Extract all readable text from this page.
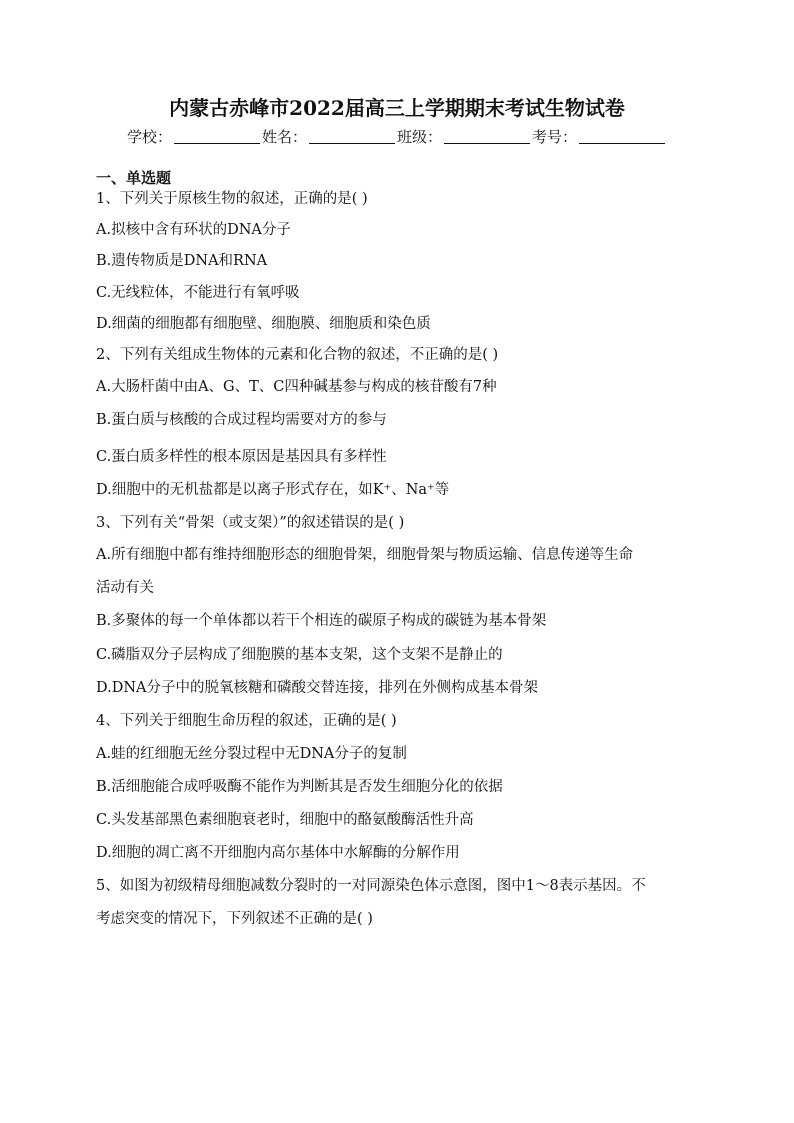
内蒙古赤峰市2022届高三上学期期末考试生物试卷
学校：	姓名：	班级：	考号：
一、单选题
1、下列关于原核生物的叙述，正确的是( )
A.拟核中含有环状的DNA分子
B.遗传物质是DNA和RNA
C.无线粒体，不能进行有氧呼吸
D.细菌的细胞都有细胞壁、细胞膜、细胞质和染色质
2、下列有关组成生物体的元素和化合物的叙述，不正确的是( )
A.大肠杆菌中由A、G、T、C四种碱基参与构成的核苷酸有7种
B.蛋白质与核酸的合成过程均需要对方的参与
C.蛋白质多样性的根本原因是基因具有多样性
D.细胞中的无机盐都是以离子形式存在，如K⁺、Na⁺等
3、下列有关“骨架（或支架）”的叙述错误的是( )
A.所有细胞中都有维持细胞形态的细胞骨架，细胞骨架与物质运输、信息传递等生命
活动有关
B.多聚体的每一个单体都以若干个相连的碳原子构成的碳链为基本骨架
C.磷脂双分子层构成了细胞膜的基本支架，这个支架不是静止的
D.DNA分子中的脱氧核糖和磷酸交替连接，排列在外侧构成基本骨架
4、下列关于细胞生命历程的叙述，正确的是( )
A.蛙的红细胞无丝分裂过程中无DNA分子的复制
B.活细胞能合成呼吸酶不能作为判断其是否发生细胞分化的依据
C.头发基部黑色素细胞衰老时，细胞中的酪氨酸酶活性升高
D.细胞的凋亡离不开细胞内高尔基体中水解酶的分解作用
5、如图为初级精母细胞减数分裂时的一对同源染色体示意图，图中1～8表示基因。不
考虑突变的情况下，下列叙述不正确的是( )
